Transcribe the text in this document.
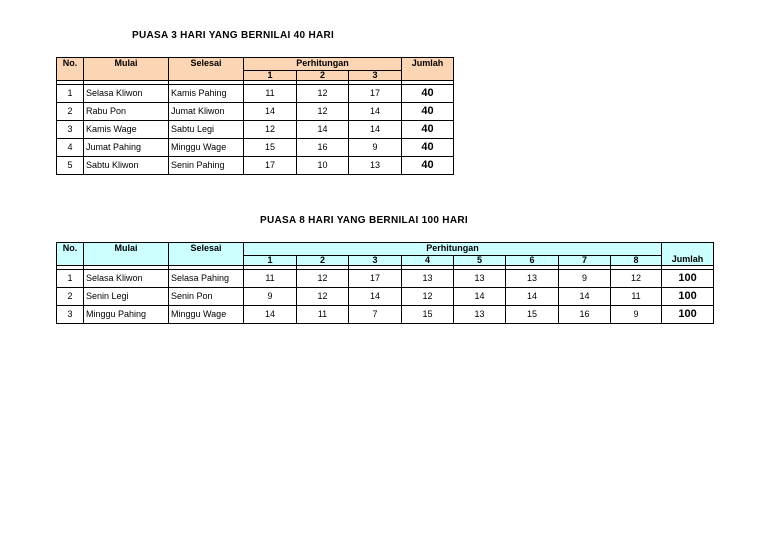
PUASA 3 HARI YANG BERNILAI 40 HARI
No.	Mulai	Selesai	Perhitungan			Jumlah
			1	2	3	

1	Selasa Kliwon	Kamis Pahing	11	12	17	40
2	Rabu Pon	Jumat Kliwon	14	12	14	40
3	Kamis Wage	Sabtu Legi	12	14	14	40
4	Jumat Pahing	Minggu Wage	15	16	9	40
5	Sabtu Kliwon	Senin Pahing	17	10	13	40
PUASA 8 HARI YANG BERNILAI 100 HARI
No.	Mulai	Selesai	Perhitungan								Jumlah
			1	2	3	4	5	6	7	8	

1	Selasa Kliwon	Selasa Pahing	11	12	17	13	13	13	9	12	100
2	Senin Legi	Senin Pon	9	12	14	12	14	14	14	11	100
3	Minggu Pahing	Minggu Wage	14	11	7	15	13	15	16	9	100
